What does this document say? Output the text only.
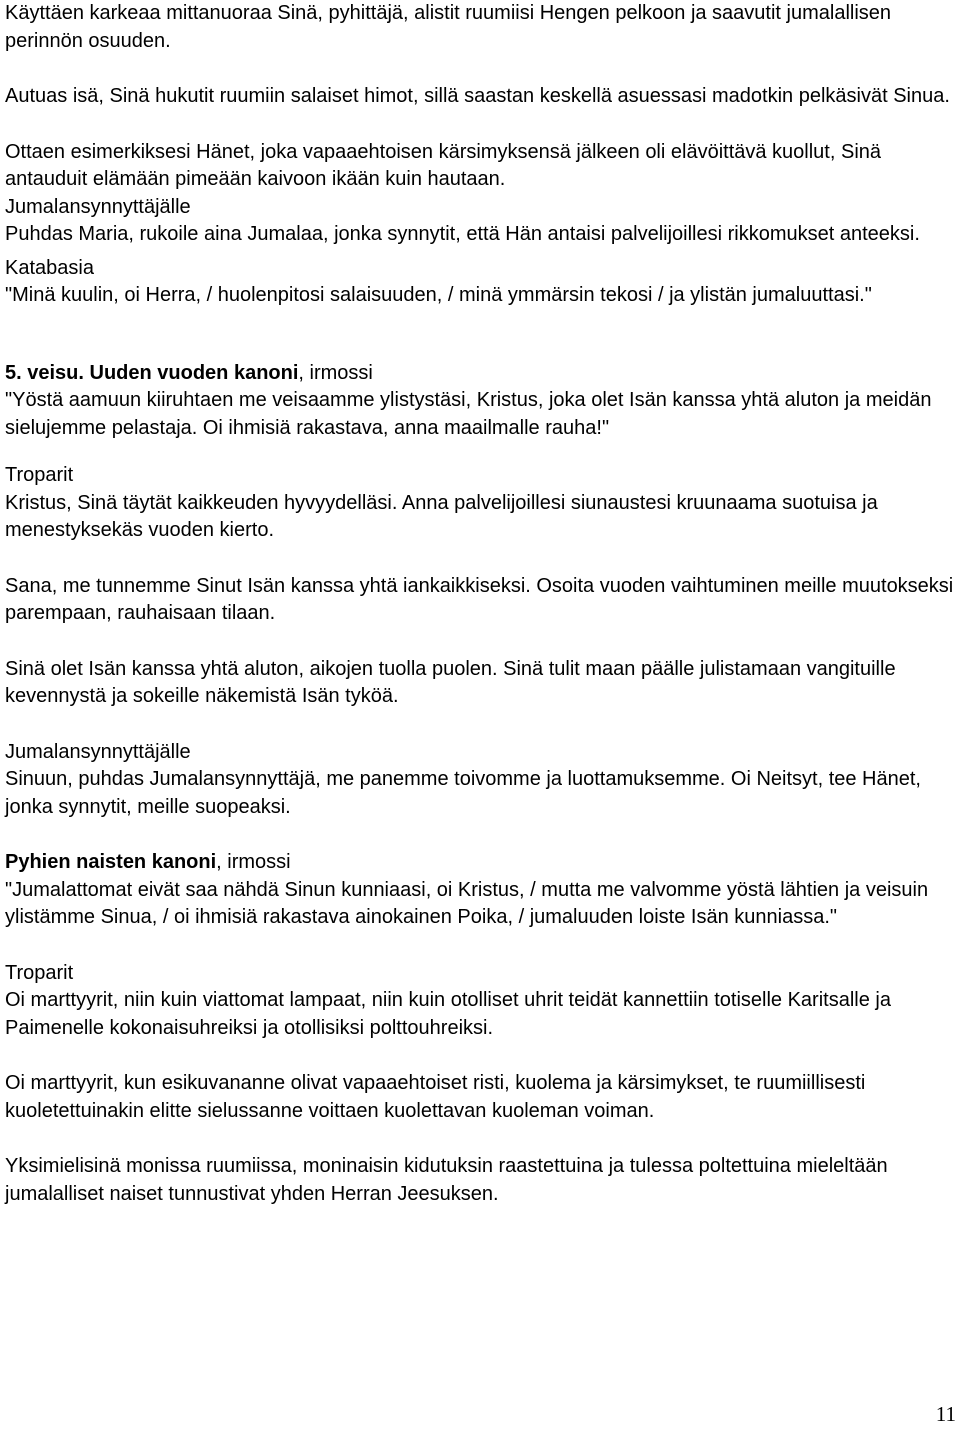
Käyttäen karkeaa mittanuoraa Sinä, pyhittäjä, alistit ruumiisi Hengen pelkoon ja saavutit jumalallisen perinnön osuuden.

Autuas isä, Sinä hukutit ruumiin salaiset himot, sillä saastan keskellä asuessasi madotkin pelkäsivät Sinua.

Ottaen esimerkiksesi Hänet, joka vapaaehtoisen kärsimyksensä jälkeen oli elävöittävä kuollut, Sinä antauduit elämään pimeään kaivoon ikään kuin hautaan.

Jumalansynnyttäjälle

Puhdas Maria, rukoile aina Jumalaa, jonka synnytit, että Hän antaisi palvelijoillesi rikkomukset anteeksi.

Katabasia

"Minä kuulin, oi Herra, / huolenpitosi salaisuuden, / minä ymmärsin tekosi / ja ylistän jumaluuttasi."

5. veisu. Uuden vuoden kanoni, irmossi

"Yöstä aamuun kiiruhtaen me veisaamme ylistystäsi, Kristus, joka olet Isän kanssa yhtä aluton ja meidän sielujemme pelastaja. Oi ihmisiä rakastava, anna maailmalle rauha!"

Troparit

Kristus, Sinä täytät kaikkeuden hyvyydelläsi. Anna palvelijoillesi siunaustesi kruunaama suotuisa ja menestyksekäs vuoden kierto.

Sana, me tunnemme Sinut Isän kanssa yhtä iankaikkiseksi. Osoita vuoden vaihtuminen meille muutokseksi parempaan, rauhaisaan tilaan.

Sinä olet Isän kanssa yhtä aluton, aikojen tuolla puolen. Sinä tulit maan päälle julistamaan vangituille kevennystä ja sokeille näkemistä Isän tyköä.

Jumalansynnyttäjälle

Sinuun, puhdas Jumalansynnyttäjä, me panemme toivomme ja luottamuksemme. Oi Neitsyt, tee Hänet, jonka synnytit, meille suopeaksi.

Pyhien naisten kanoni, irmossi

"Jumalattomat eivät saa nähdä Sinun kunniaasi, oi Kristus, / mutta me valvomme yöstä lähtien ja veisuin ylistämme Sinua, / oi ihmisiä rakastava ainokainen Poika, / jumaluuden loiste Isän kunniassa."

Troparit

Oi marttyyrit, niin kuin viattomat lampaat, niin kuin otolliset uhrit teidät kannettiin totiselle Karitsalle ja Paimenelle kokonaisuhreiksi ja otollisiksi polttouhreiksi.

Oi marttyyrit, kun esikuvananne olivat vapaaehtoiset risti, kuolema ja kärsimykset, te ruumiillisesti kuoletettuinakin elitte sielussanne voittaen kuolettavan kuoleman voiman.

Yksimielisinä monissa ruumiissa, moninaisin kidutuksin raastettuina ja tulessa poltettuina mieleltään jumalalliset naiset tunnustivat yhden Herran Jeesuksen.

11
